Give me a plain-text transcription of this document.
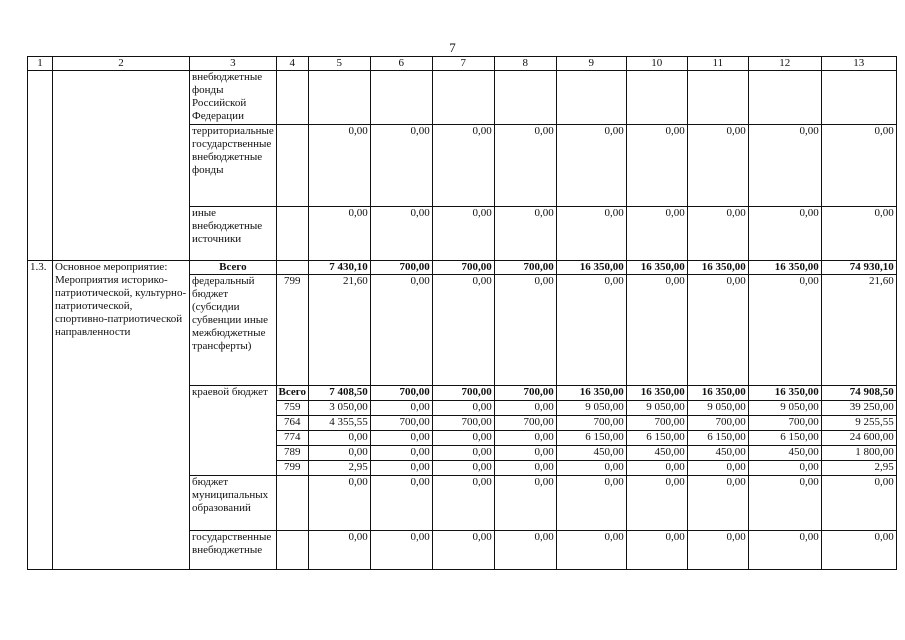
7
1	2	3	4	5	6	7	8	9	10	11	12	13
		внебюджетные фонды Российской Федерации										
		территориальные государственные внебюджетные фонды		0,00	0,00	0,00	0,00	0,00	0,00	0,00	0,00	0,00
		иные внебюджетные источники		0,00	0,00	0,00	0,00	0,00	0,00	0,00	0,00	0,00
1.3.	Основное мероприятие: Мероприятия историко-патриотической, культурно-патриотической, спортивно-патриотической направленности	Всего		7 430,10	700,00	700,00	700,00	16 350,00	16 350,00	16 350,00	16 350,00	74 930,10
		федеральный бюджет (субсидии субвенции иные межбюджетные трансферты)	799	21,60	0,00	0,00	0,00	0,00	0,00	0,00	0,00	21,60
		краевой бюджет	Всего	7 408,50	700,00	700,00	700,00	16 350,00	16 350,00	16 350,00	16 350,00	74 908,50
			759	3 050,00	0,00	0,00	0,00	9 050,00	9 050,00	9 050,00	9 050,00	39 250,00
			764	4 355,55	700,00	700,00	700,00	700,00	700,00	700,00	700,00	9 255,55
			774	0,00	0,00	0,00	0,00	6 150,00	6 150,00	6 150,00	6 150,00	24 600,00
			789	0,00	0,00	0,00	0,00	450,00	450,00	450,00	450,00	1 800,00
			799	2,95	0,00	0,00	0,00	0,00	0,00	0,00	0,00	2,95
		бюджет муниципальных образований		0,00	0,00	0,00	0,00	0,00	0,00	0,00	0,00	0,00
		государственные внебюджетные		0,00	0,00	0,00	0,00	0,00	0,00	0,00	0,00	0,00
